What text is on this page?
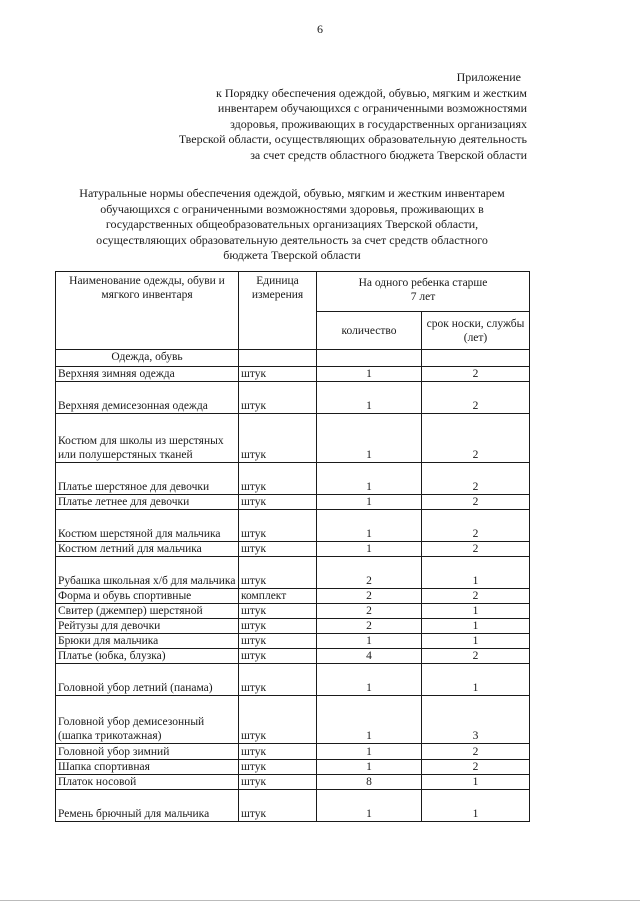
6
Приложение
к Порядку обеспечения одеждой, обувью, мягким и жестким
инвентарем обучающихся с ограниченными возможностями
здоровья, проживающих в государственных организациях
Тверской области, осуществляющих образовательную деятельность
за счет средств областного бюджета Тверской области
Натуральные нормы обеспечения одеждой, обувью, мягким и жестким инвентарем
обучающихся с ограниченными возможностями здоровья, проживающих в
государственных общеобразовательных организациях Тверской области,
осуществляющих образовательную деятельность за счет средств областного
бюджета Тверской области
Наименование одежды, обуви и мягкого инвентаря	Единица измерения	На одного ребенка старше 7 лет	
		количество	срок носки, службы (лет)
Одежда, обувь			
Верхняя зимняя одежда	штук	1	2
Верхняя демисезонная одежда	штук	1	2
Костюм для школы из шерстяных или полушерстяных тканей	штук	1	2
Платье шерстяное для девочки	штук	1	2
Платье летнее для девочки	штук	1	2
Костюм шерстяной для мальчика	штук	1	2
Костюм летний для мальчика	штук	1	2
Рубашка школьная х/б для мальчика	штук	2	1
Форма и обувь спортивные	комплект	2	2
Свитер (джемпер) шерстяной	штук	2	1
Рейтузы для девочки	штук	2	1
Брюки для мальчика	штук	1	1
Платье (юбка, блузка)	штук	4	2
Головной убор летний (панама)	штук	1	1
Головной убор демисезонный (шапка трикотажная)	штук	1	3
Головной убор зимний	штук	1	2
Шапка спортивная	штук	1	2
Платок носовой	штук	8	1
Ремень брючный для мальчика	штук	1	1
